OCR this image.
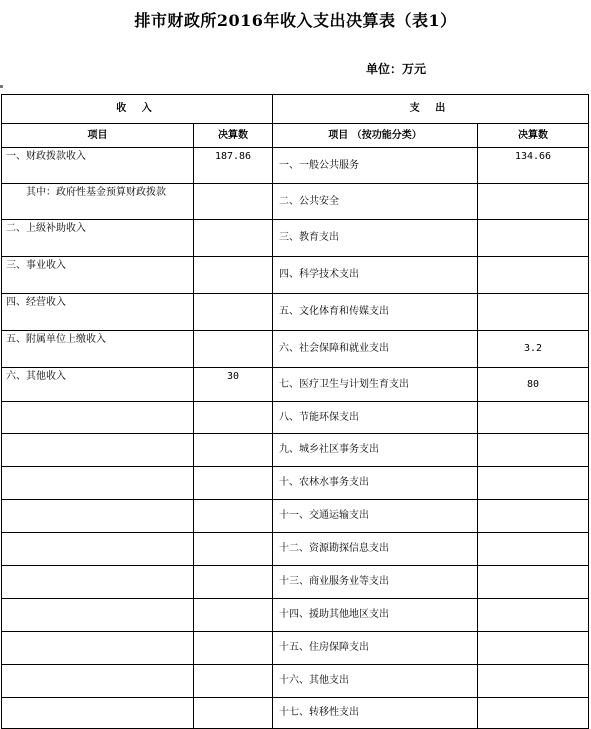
排市财政所2016年收入支出决算表（表1）
单位：万元
收 入		支 出	
项目	决算数	项目 （按功能分类）	决算数
一、财政拨款收入	187.86	一、一般公共服务	134.66
其中：政府性基金预算财政拨款		二、公共安全	
二、上级补助收入		三、教育支出	
三、事业收入		四、科学技术支出	
四、经营收入		五、文化体育和传媒支出	
五、附属单位上缴收入		六、社会保障和就业支出	3.2
六、其他收入	30	七、医疗卫生与计划生育支出	80
		八、节能环保支出	
		九、城乡社区事务支出	
		十、农林水事务支出	
		十一、交通运输支出	
		十二、资源勘探信息支出	
		十三、商业服务业等支出	
		十四、援助其他地区支出	
		十五、住房保障支出	
		十六、其他支出	
		十七、转移性支出	
